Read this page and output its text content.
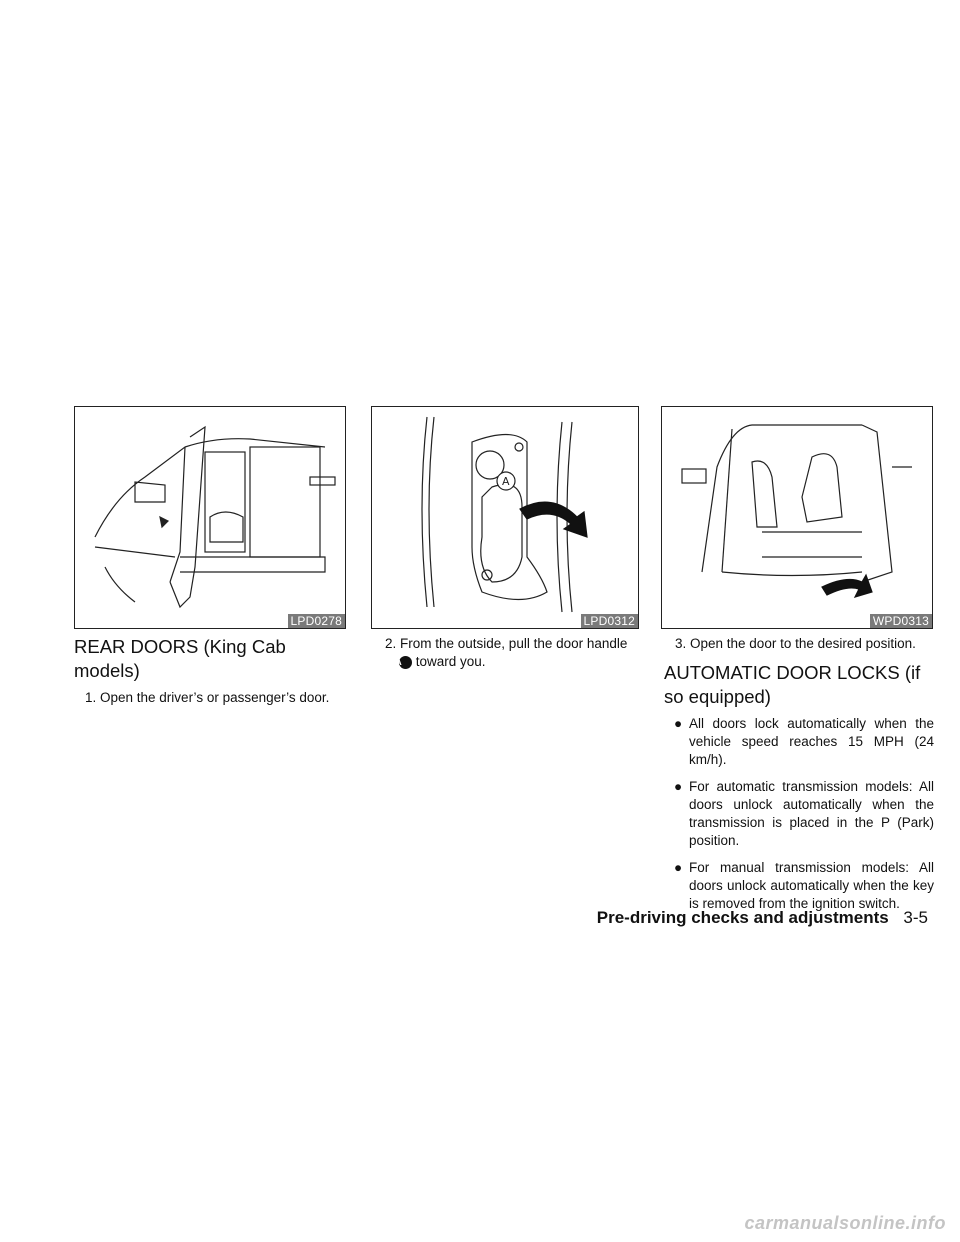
LPD0278
A
LPD0312	WPD0313
REAR DOORS (King Cab models)

1. Open the driver’s or passenger’s door.

2. From the outside, pull the door handle A toward you.

3. Open the door to the desired position.

AUTOMATIC DOOR LOCKS (if so equipped)
● All doors lock automatically when the vehicle speed reaches 15 MPH (24 km/h).
● For automatic transmission models: All doors unlock automatically when the transmission is placed in the P (Park) position.
● For manual transmission models: All doors unlock automatically when the key is removed from the ignition switch.
Pre-driving checks and adjustments 3-5
carmanualsonline.info
